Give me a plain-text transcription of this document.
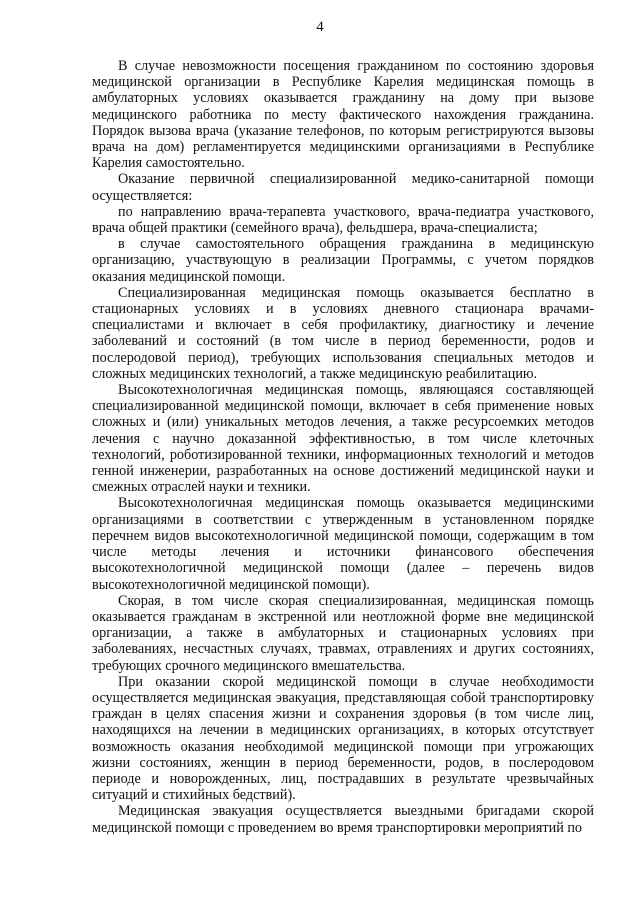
4

В случае невозможности посещения гражданином по состоянию здоровья медицинской организации в Республике Карелия медицинская помощь в амбулаторных условиях оказывается гражданину на дому при вызове медицинского работника по месту фактического нахождения гражданина. Порядок вызова врача (указание телефонов, по которым регистрируются вызовы врача на дом) регламентируется медицинскими организациями в Республике Карелия самостоятельно.

Оказание первичной специализированной медико-санитарной помощи осуществляется:

по направлению врача-терапевта участкового, врача-педиатра участкового, врача общей практики (семейного врача), фельдшера, врача-специалиста;

в случае самостоятельного обращения гражданина в медицинскую организацию, участвующую в реализации Программы, с учетом порядков оказания медицинской помощи.

Специализированная медицинская помощь оказывается бесплатно в стационарных условиях и в условиях дневного стационара врачами-специалистами и включает в себя профилактику, диагностику и лечение заболеваний и состояний (в том числе в период беременности, родов и послеродовой период), требующих использования специальных методов и сложных медицинских технологий, а также медицинскую реабилитацию.

Высокотехнологичная медицинская помощь, являющаяся составляющей специализированной медицинской помощи, включает в себя применение новых сложных и (или) уникальных методов лечения, а также ресурсоемких методов лечения с научно доказанной эффективностью, в том числе клеточных технологий, роботизированной техники, информационных технологий и методов генной инженерии, разработанных на основе достижений медицинской науки и смежных отраслей науки и техники.

Высокотехнологичная медицинская помощь оказывается медицинскими организациями в соответствии с утвержденным в установленном порядке перечнем видов высокотехнологичной медицинской помощи, содержащим в том числе методы лечения и источники финансового обеспечения высокотехнологичной медицинской помощи (далее – перечень видов высокотехнологичной медицинской помощи).

Скорая, в том числе скорая специализированная, медицинская помощь оказывается гражданам в экстренной или неотложной форме вне медицинской организации, а также в амбулаторных и стационарных условиях при заболеваниях, несчастных случаях, травмах, отравлениях и других состояниях, требующих срочного медицинского вмешательства.

При оказании скорой медицинской помощи в случае необходимости осуществляется медицинская эвакуация, представляющая собой транспортировку граждан в целях спасения жизни и сохранения здоровья (в том числе лиц, находящихся на лечении в медицинских организациях, в которых отсутствует возможность оказания необходимой медицинской помощи при угрожающих жизни состояниях, женщин в период беременности, родов, в послеродовом периоде и новорожденных, лиц, пострадавших в результате чрезвычайных ситуаций и стихийных бедствий).

Медицинская эвакуация осуществляется выездными бригадами скорой медицинской помощи с проведением во время транспортировки мероприятий по
